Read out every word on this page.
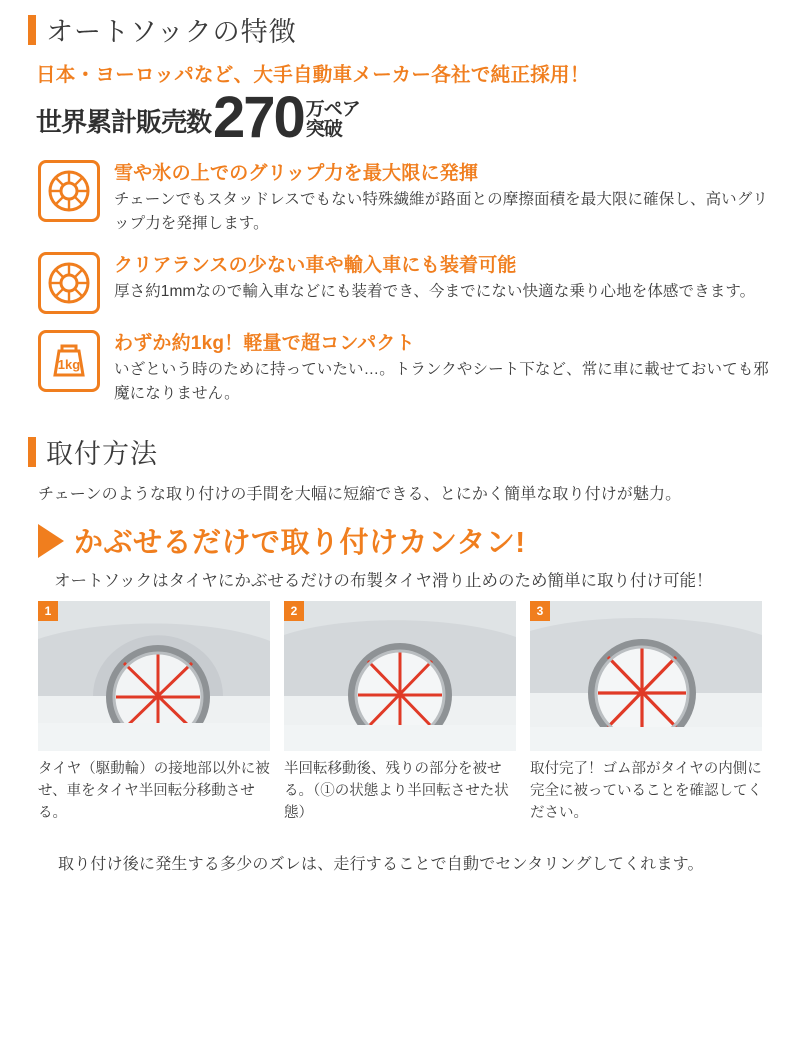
オートソックの特徴
日本・ヨーロッパなど、大手自動車メーカー各社で純正採用！
世界累計販売数 270 万ペア
突破
雪や氷の上でのグリップ力を最大限に発揮
チェーンでもスタッドレスでもない特殊繊維が路面との摩擦面積を最大限に確保し、高いグリップ力を発揮します。
クリアランスの少ない車や輸入車にも装着可能
厚さ約1mmなので輸入車などにも装着でき、今までにない快適な乗り心地を体感できます。
1kg
わずか約1kg！軽量で超コンパクト
いざという時のために持っていたい…。トランクやシート下など、常に車に載せておいても邪魔になりません。
取付方法
チェーンのような取り付けの手間を大幅に短縮できる、とにかく簡単な取り付けが魅力。
かぶせるだけで取り付けカンタン!
オートソックはタイヤにかぶせるだけの布製タイヤ滑り止めのため簡単に取り付け可能！
1
タイヤ（駆動輪）の接地部以外に被せ、車をタイヤ半回転分移動させる。
2
半回転移動後、残りの部分を被せる。（①の状態より半回転させた状態）
3
取付完了！ゴム部がタイヤの内側に完全に被っていることを確認してください。
取り付け後に発生する多少のズレは、走行することで自動でセンタリングしてくれます。
